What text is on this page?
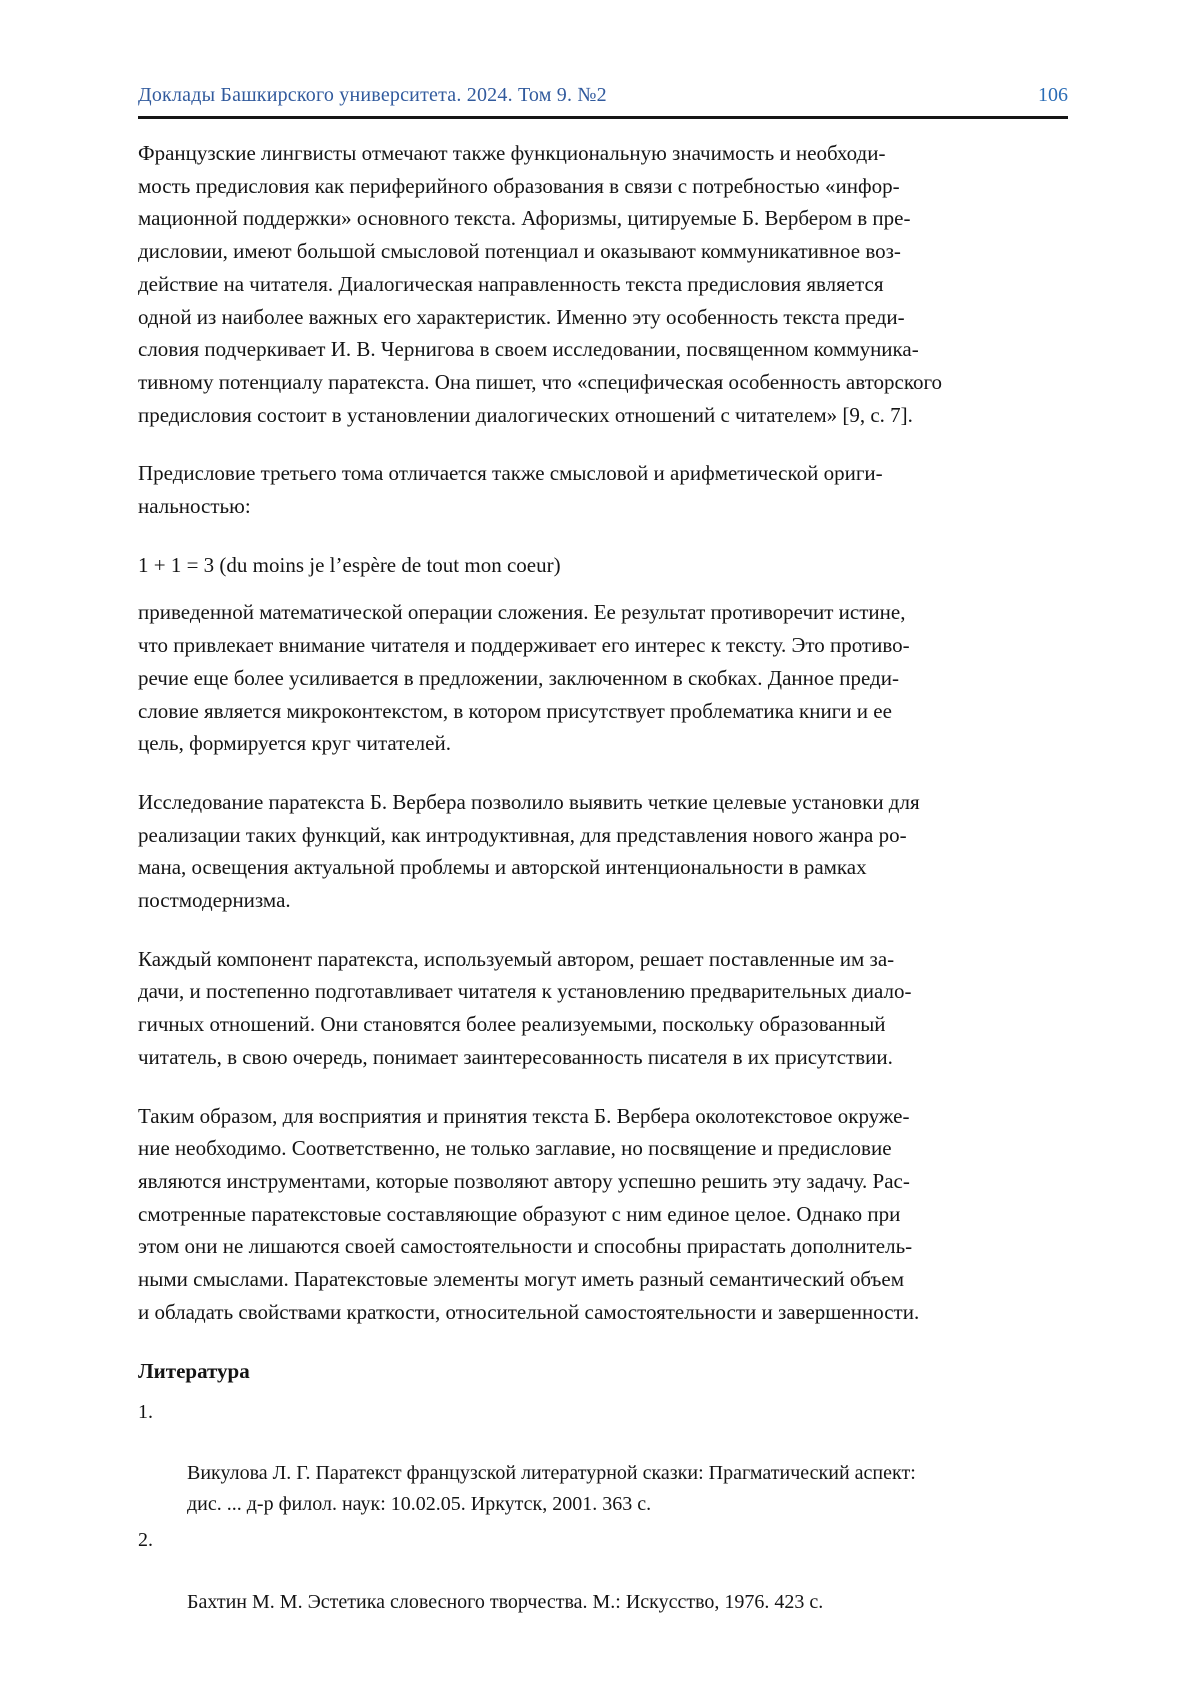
Доклады Башкирского университета. 2024. Том 9. №2	106

Французские лингвисты отмечают также функциональную значимость и необходи-
мость предисловия как периферийного образования в связи с потребностью «инфор-
мационной поддержки» основного текста. Афоризмы, цитируемые Б. Вербером в пре-
дисловии, имеют большой смысловой потенциал и оказывают коммуникативное воз-
действие на читателя. Диалогическая направленность текста предисловия является
одной из наиболее важных его характеристик. Именно эту особенность текста преди-
словия подчеркивает И. В. Чернигова в своем исследовании, посвященном коммуника-
тивному потенциалу паратекста. Она пишет, что «специфическая особенность авторского
предисловия состоит в установлении диалогических отношений с читателем» [9, с. 7].

Предисловие третьего тома отличается также смысловой и арифметической ориги-
нальностью:

1 + 1 = 3 (du moins je l’espère de tout mon coeur)

приведенной математической операции сложения. Ее результат противоречит истине,
что привлекает внимание читателя и поддерживает его интерес к тексту. Это противо-
речие еще более усиливается в предложении, заключенном в скобках. Данное преди-
словие является микроконтекстом, в котором присутствует проблематика книги и ее
цель, формируется круг читателей.

Исследование паратекста Б. Вербера позволило выявить четкие целевые установки для
реализации таких функций, как интродуктивная, для представления нового жанра ро-
мана, освещения актуальной проблемы и авторской интенциональности в рамках
постмодернизма.

Каждый компонент паратекста, используемый автором, решает поставленные им за-
дачи, и постепенно подготавливает читателя к установлению предварительных диало-
гичных отношений. Они становятся более реализуемыми, поскольку образованный
читатель, в свою очередь, понимает заинтересованность писателя в их присутствии.

Таким образом, для восприятия и принятия текста Б. Вербера околотекстовое окруже-
ние необходимо. Соответственно, не только заглавие, но посвящение и предисловие
являются инструментами, которые позволяют автору успешно решить эту задачу. Рас-
смотренные паратекстовые составляющие образуют с ним единое целое. Однако при
этом они не лишаются своей самостоятельности и способны прирастать дополнитель-
ными смыслами. Паратекстовые элементы могут иметь разный семантический объем
и обладать свойствами краткости, относительной самостоятельности и завершенности.

Литература

1.

Викулова Л. Г. Паратекст французской литературной сказки: Прагматический аспект:
дис. ... д-р филол. наук: 10.02.05. Иркутск, 2001. 363 с.

2.

Бахтин М. М. Эстетика словесного творчества. М.: Искусство, 1976. 423 с.
